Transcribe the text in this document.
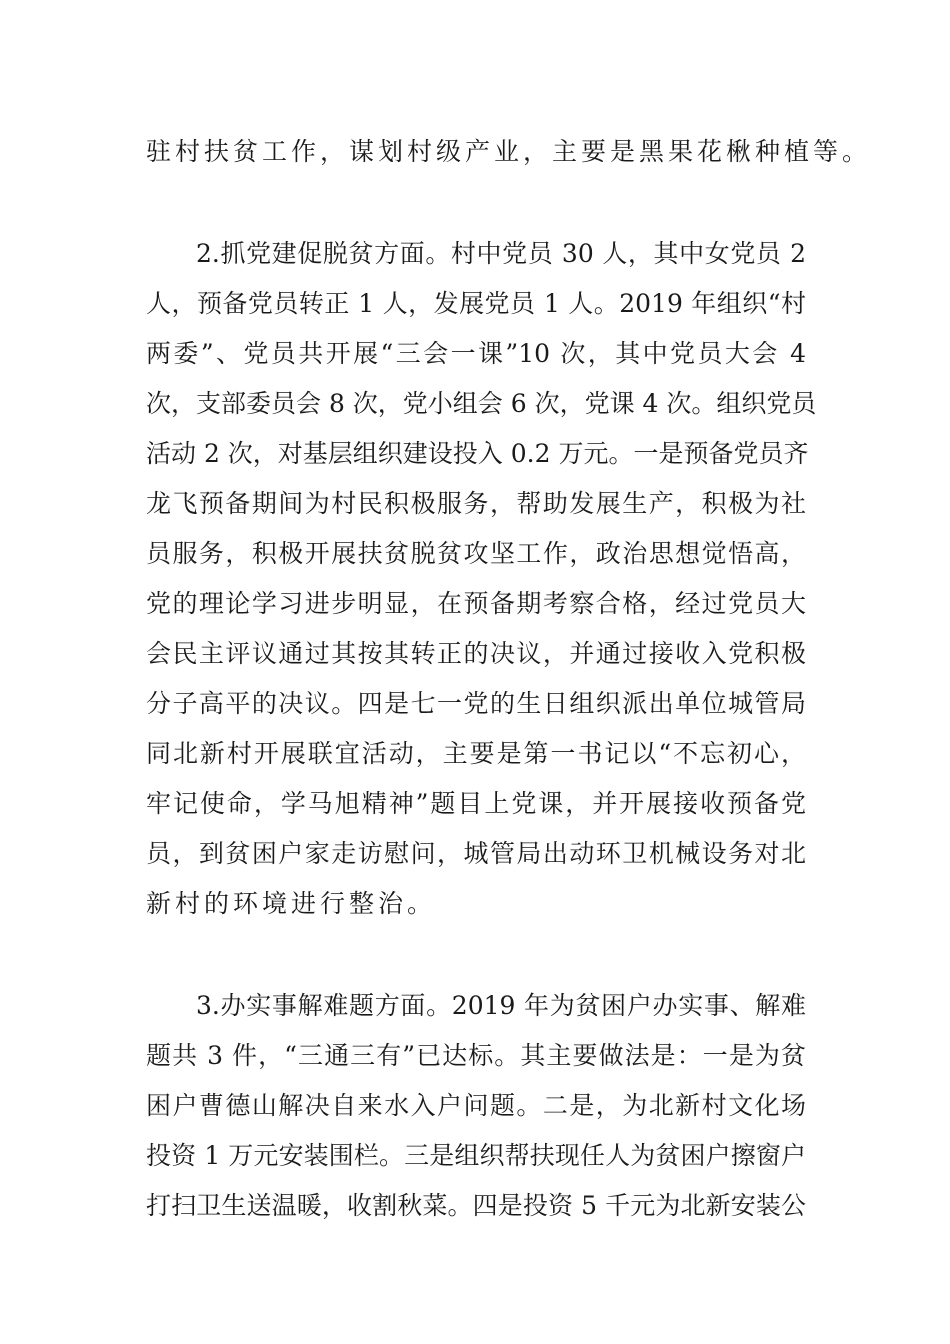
驻村扶贫工作，谋划村级产业，主要是黑果花楸种植等。
2.抓党建促脱贫方面。村中党员 30 人，其中女党员 2
人，预备党员转正 1 人，发展党员 1 人。2019 年组织“村
两委”、党员共开展“三会一课”10 次，其中党员大会 4
次，支部委员会 8 次，党小组会 6 次，党课 4 次。组织党员
活动 2 次，对基层组织建设投入 0.2 万元。一是预备党员齐
龙飞预备期间为村民积极服务，帮助发展生产，积极为社
员服务，积极开展扶贫脱贫攻坚工作，政治思想觉悟高，
党的理论学习进步明显，在预备期考察合格，经过党员大
会民主评议通过其按其转正的决议，并通过接收入党积极
分子高平的决议。四是七一党的生日组织派出单位城管局
同北新村开展联宜活动，主要是第一书记以“不忘初心，
牢记使命，学马旭精神”题目上党课，并开展接收预备党
员，到贫困户家走访慰问，城管局出动环卫机械设务对北
新村的环境进行整治。
3.办实事解难题方面。2019 年为贫困户办实事、解难
题共 3 件，“三通三有”已达标。其主要做法是：一是为贫
困户曹德山解决自来水入户问题。二是，为北新村文化场
投资 1 万元安装围栏。三是组织帮扶现任人为贫困户擦窗户
打扫卫生送温暖，收割秋菜。四是投资 5 千元为北新安装公
